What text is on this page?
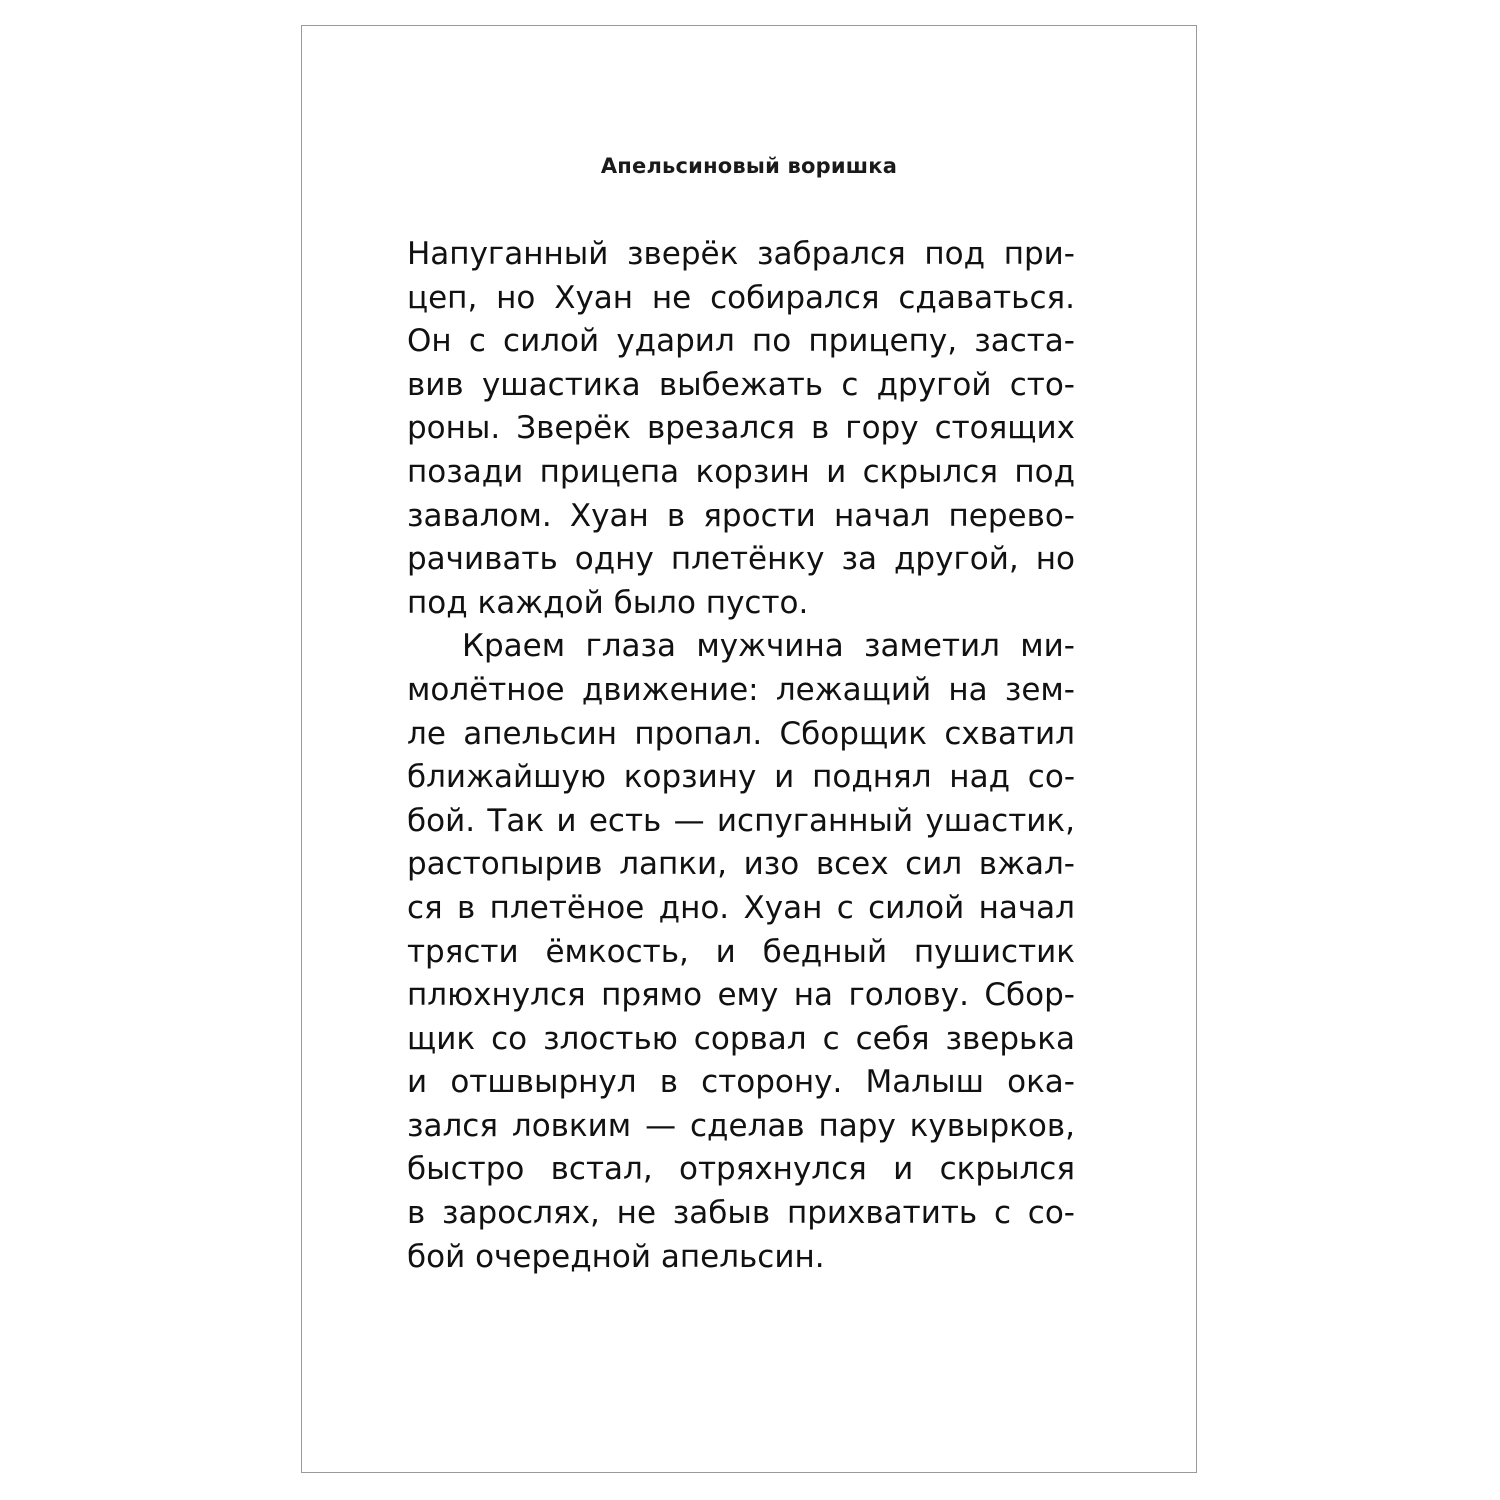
Апельсиновый воришка
Напуганный зверёк забрался под при-
цеп, но Хуан не собирался сдаваться.
Он с силой ударил по прицепу, заста-
вив ушастика выбежать с другой сто-
роны. Зверёк врезался в гору стоящих
позади прицепа корзин и скрылся под
завалом. Хуан в ярости начал перево-
рачивать одну плетёнку за другой, но
под каждой было пусто.
Краем глаза мужчина заметил ми-
молётное движение: лежащий на зем-
ле апельсин пропал. Сборщик схватил
ближайшую корзину и поднял над со-
бой. Так и есть — испуганный ушастик,
растопырив лапки, изо всех сил вжал-
ся в плетёное дно. Хуан с силой начал
трясти ёмкость, и бедный пушистик
плюхнулся прямо ему на голову. Сбор-
щик со злостью сорвал с себя зверька
и отшвырнул в сторону. Малыш ока-
зался ловким — сделав пару кувырков,
быстро встал, отряхнулся и скрылся
в зарослях, не забыв прихватить с со-
бой очередной апельсин.
